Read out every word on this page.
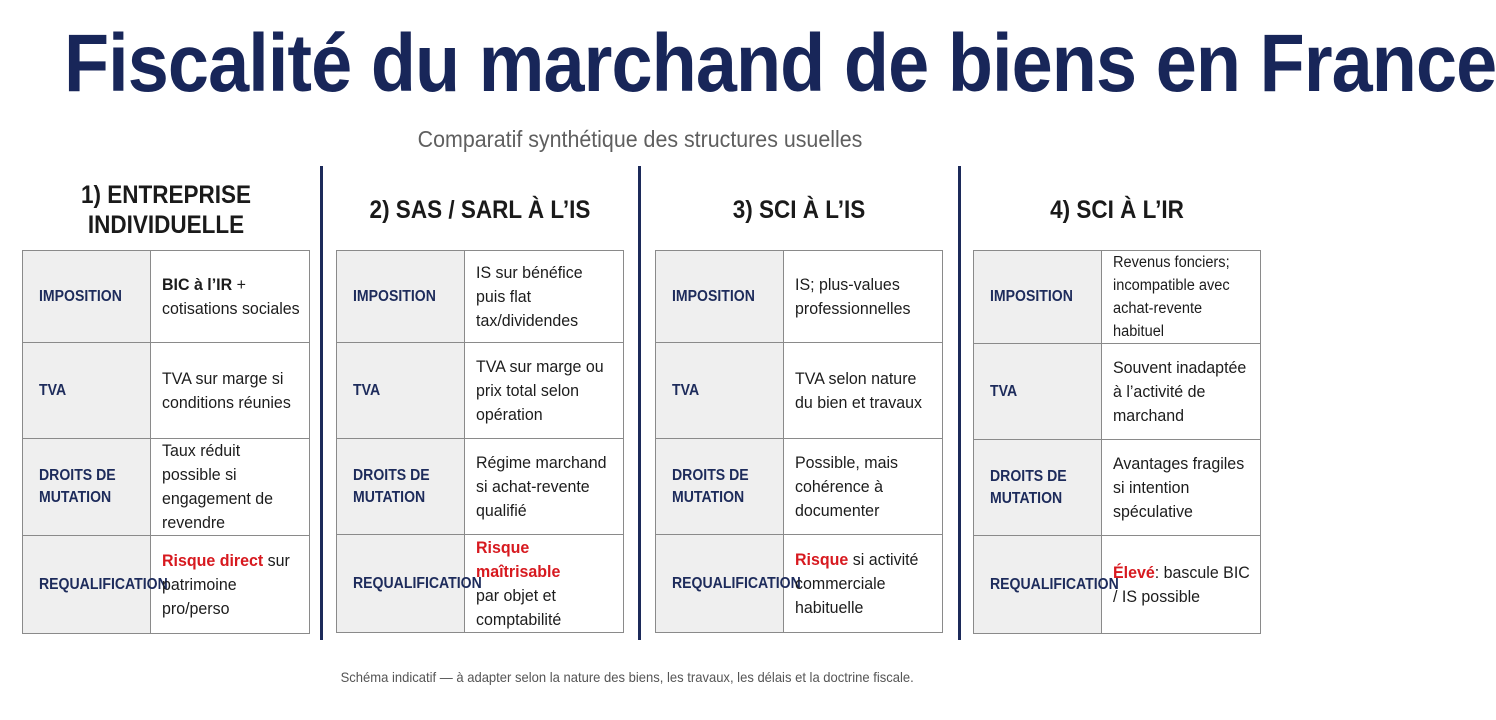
Fiscalité du marchand de biens en France
Comparatif synthétique des structures usuelles
1) ENTREPRISE
INDIVIDUELLE
IMPOSITION	BIC à l’IR + cotisations sociales

TVA	TVA sur marge si conditions réunies

DROITS DE
MUTATION	Taux réduit possible si engagement de revendre

REQUALIFICATION	Risque direct sur patrimoine pro/perso
2) SAS / SARL À L’IS
IMPOSITION	IS sur bénéfice puis flat tax/dividendes

TVA	TVA sur marge ou prix total selon opération

DROITS DE
MUTATION	Régime marchand si achat-revente qualifié

REQUALIFICATION	Risque maîtrisable
par objet et comptabilité
3) SCI À L’IS
IMPOSITION	IS; plus-values professionnelles

TVA	TVA selon nature du bien et travaux

DROITS DE
MUTATION	Possible, mais cohérence à documenter

REQUALIFICATION	Risque si activité commerciale habituelle
4) SCI À L’IR
IMPOSITION	Revenus fonciers; incompatible avec achat-revente habituel

TVA	Souvent inadaptée à l’activité de marchand

DROITS DE
MUTATION	Avantages fragiles si intention spéculative

REQUALIFICATION	Élevé: bascule BIC / IS possible
Schéma indicatif — à adapter selon la nature des biens, les travaux, les délais et la doctrine fiscale.
